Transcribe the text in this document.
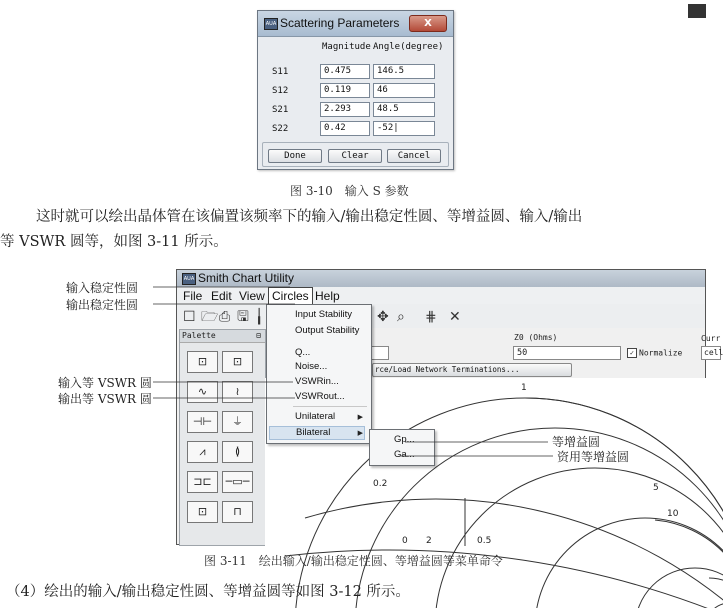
AUA Scattering Parameters	X
Magnitude Angle(degree)
S11	0.475	146.5
S12	0.119	46
S21	2.293	48.5
S22	0.42	-52|
Done	Clear	Cancel
图 3-10　输入 S 参数
这时就可以绘出晶体管在该偏置该频率下的输入/输出稳定性圆、等增益圆、输入/输出
等 VSWR 圆等，如图 3-11 所示。
AUA Smith Chart Utility
File Edit View Circles Help
☐ 🗁 ⎙ 🖫 ╽	✥ ⌕ ⋕ ✕
Palette	⊟
⊡	⊡
∿	≀
⊣⊢	⏚
⩘	≬
⊐⊏	─▭─
⊡	⊓
Z0 (Ohms)
50	✓ Normalize
Curr
cell
rce/Load Network Terminations...
1
0.2	5
10
0 2	0.5
Input Stability
Output Stability
Q...
Noise...
VSWRin...
VSWRout...
Unilateral	▶
Bilateral	▶
Gp...
Ga...
输入稳定性圆
输出稳定性圆
输入等 VSWR 圆
输出等 VSWR 圆
等增益圆
资用等增益圆
图 3-11　绘出输入/输出稳定性圆、等增益圆等菜单命令
（4）绘出的输入/输出稳定性圆、等增益圆等如图 3-12 所示。
